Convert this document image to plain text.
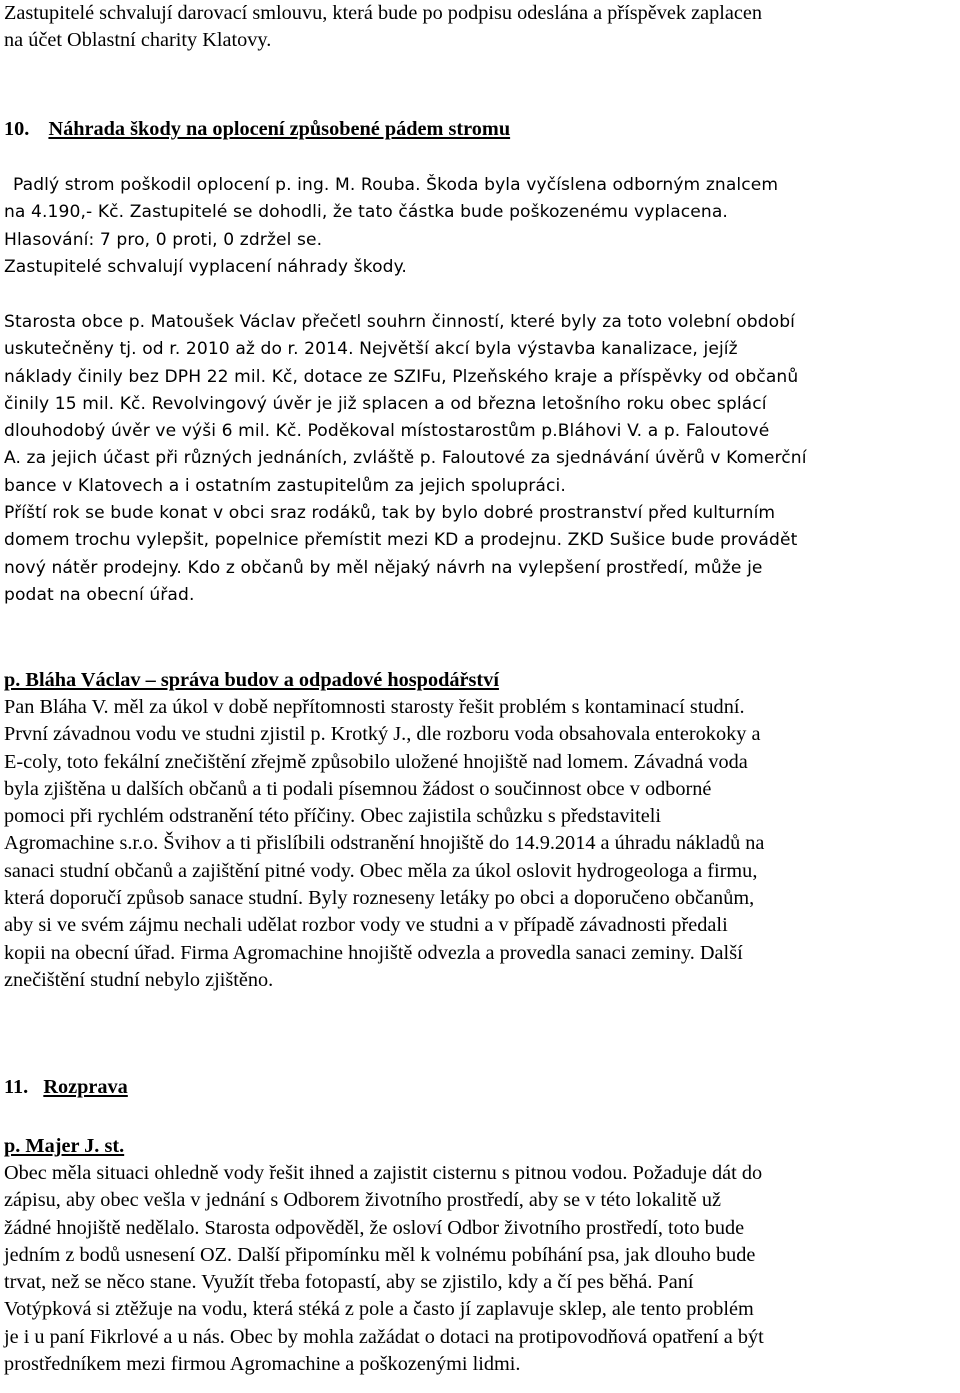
Zastupitelé schvalují darovací smlouvu, která bude po podpisu odeslána a příspěvek zaplacen
na účet Oblastní charity Klatovy.
10. Náhrada škody na oplocení způsobené pádem stromu
Padlý strom poškodil oplocení p. ing. M. Rouba. Škoda byla vyčíslena odborným znalcem
na 4.190,- Kč. Zastupitelé se dohodli, že tato částka bude poškozenému vyplacena.
Hlasování: 7 pro, 0 proti, 0 zdržel se.
Zastupitelé schvalují vyplacení náhrady škody.
Starosta obce p. Matoušek Václav přečetl souhrn činností, které byly za toto volební období
uskutečněny tj. od r. 2010 až do r. 2014. Největší akcí byla výstavba kanalizace, jejíž
náklady činily bez DPH 22 mil. Kč, dotace ze SZIFu, Plzeňského kraje a příspěvky od občanů
činily 15 mil. Kč. Revolvingový úvěr je již splacen a od března letošního roku obec splácí
dlouhodobý úvěr ve výši 6 mil. Kč. Poděkoval místostarostům p.Bláhovi V. a p. Faloutové
A. za jejich účast při různých jednáních, zvláště p. Faloutové za sjednávání úvěrů v Komerční
bance v Klatovech a i ostatním zastupitelům za jejich spolupráci.
Příští rok se bude konat v obci sraz rodáků, tak by bylo dobré prostranství před kulturním
domem trochu vylepšit, popelnice přemístit mezi KD a prodejnu. ZKD Sušice bude provádět
nový nátěr prodejny. Kdo z občanů by měl nějaký návrh na vylepšení prostředí, může je
podat na obecní úřad.
p. Bláha Václav – správa budov a odpadové hospodářství
Pan Bláha V. měl za úkol v době nepřítomnosti starosty řešit problém s kontaminací studní.
První závadnou vodu ve studni zjistil p. Krotký J., dle rozboru voda obsahovala enterokoky a
E-coly, toto fekální znečištění zřejmě způsobilo uložené hnojiště nad lomem. Závadná voda
byla zjištěna u dalších občanů a ti podali písemnou žádost o součinnost obce v odborné
pomoci při rychlém odstranění této příčiny. Obec zajistila schůzku s představiteli
Agromachine s.r.o. Švihov a ti přislíbili odstranění hnojiště do 14.9.2014 a úhradu nákladů na
sanaci studní občanů a zajištění pitné vody. Obec měla za úkol oslovit hydrogeologa a firmu,
která doporučí způsob sanace studní. Byly rozneseny letáky po obci a doporučeno občanům,
aby si ve svém zájmu nechali udělat rozbor vody ve studni a v případě závadnosti předali
kopii na obecní úřad. Firma Agromachine hnojiště odvezla a provedla sanaci zeminy. Další
znečištění studní nebylo zjištěno.
11. Rozprava
p. Majer J. st.
Obec měla situaci ohledně vody řešit ihned a zajistit cisternu s pitnou vodou. Požaduje dát do
zápisu, aby obec vešla v jednání s Odborem životního prostředí, aby se v této lokalitě už
žádné hnojiště nedělalo. Starosta odpověděl, že osloví Odbor životního prostředí, toto bude
jedním z bodů usnesení OZ. Další připomínku měl k volnému pobíhání psa, jak dlouho bude
trvat, než se něco stane. Využít třeba fotopastí, aby se zjistilo, kdy a čí pes běhá. Paní
Votýpková si ztěžuje na vodu, která stéká z pole a často jí zaplavuje sklep, ale tento problém
je i u paní Fikrlové a u nás. Obec by mohla zažádat o dotaci na protipovodňová opatření a být
prostředníkem mezi firmou Agromachine a poškozenými lidmi.
